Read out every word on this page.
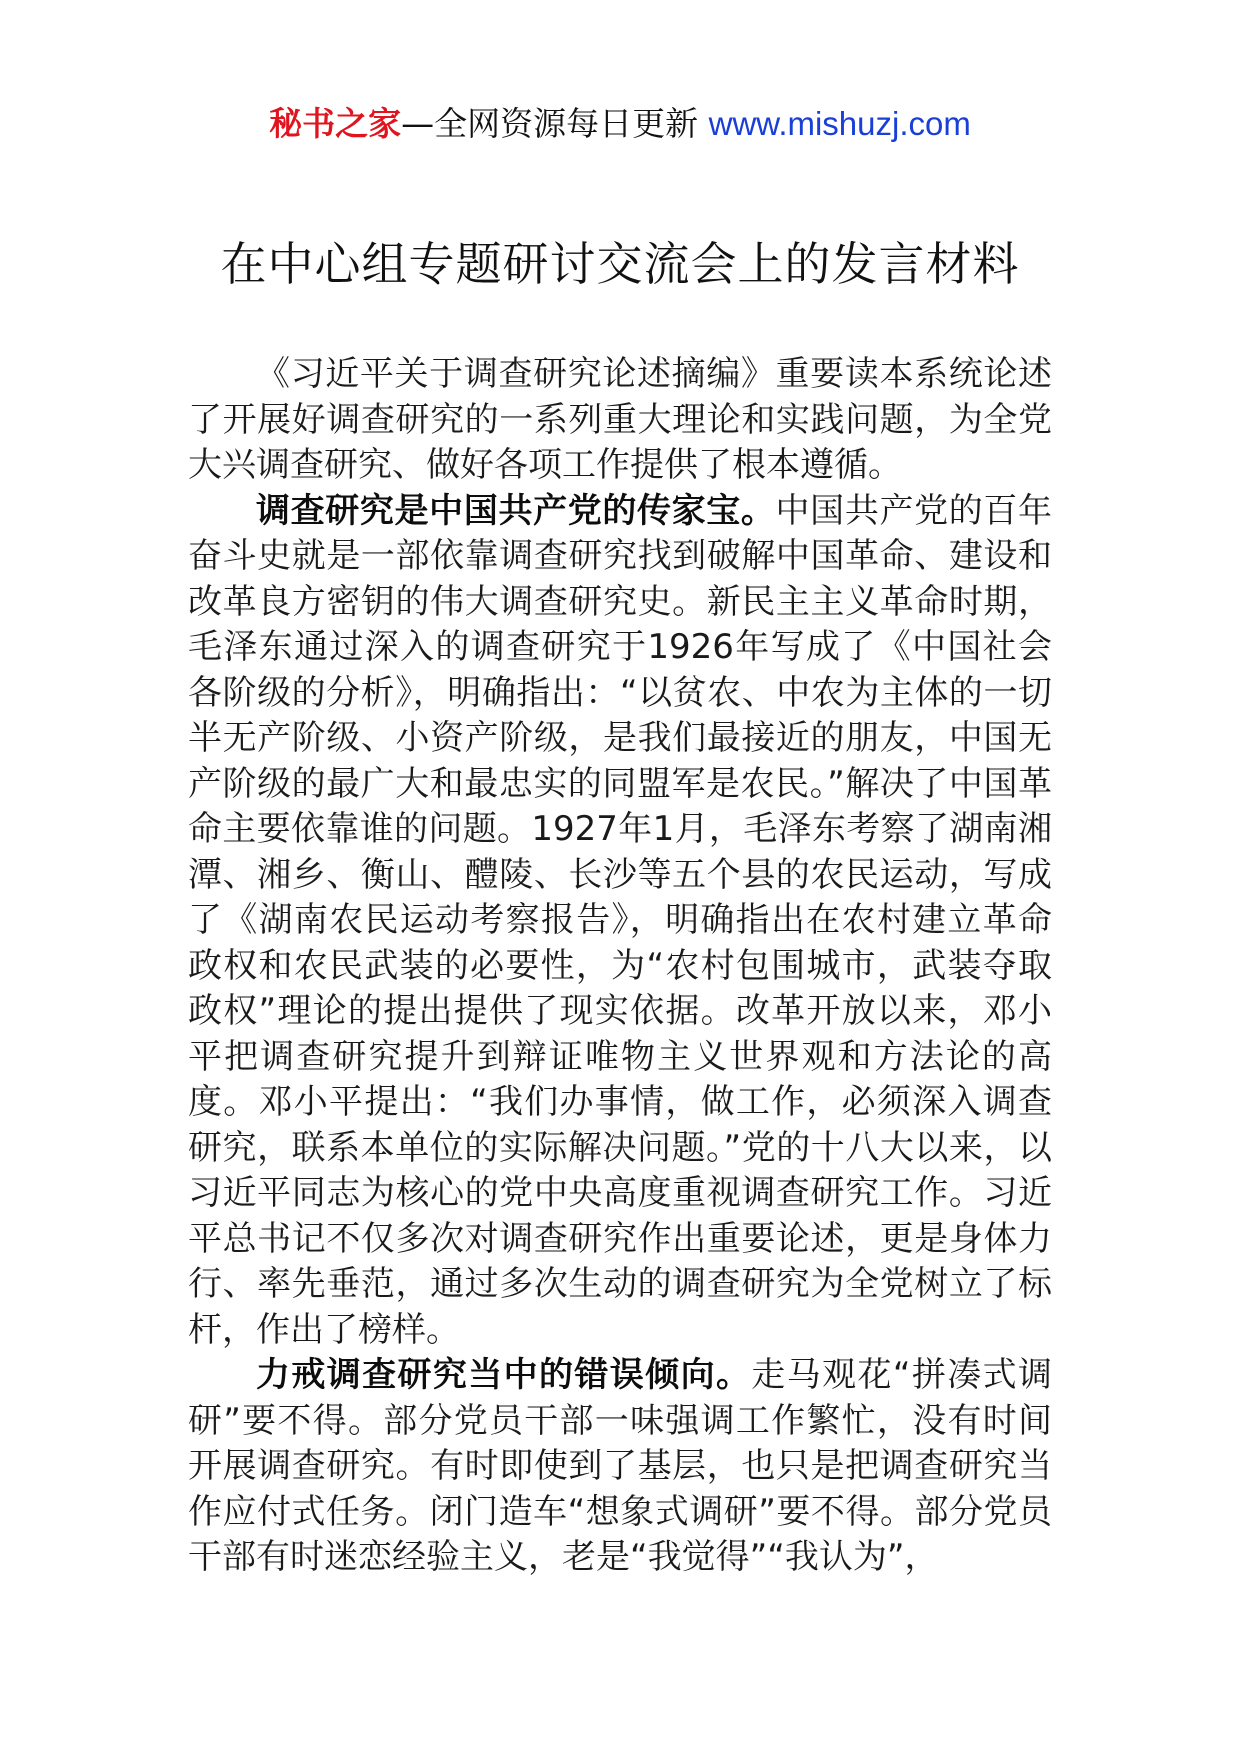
秘书之家—全网资源每日更新 www.mishuzj.com
在中心组专题研讨交流会上的发言材料

《习近平关于调查研究论述摘编》重要读本系统论述了开展好调查研究的一系列重大理论和实践问题，为全党大兴调查研究、做好各项工作提供了根本遵循。

调查研究是中国共产党的传家宝。中国共产党的百年奋斗史就是一部依靠调查研究找到破解中国革命、建设和改革良方密钥的伟大调查研究史。新民主主义革命时期，毛泽东通过深入的调查研究于1926年写成了《中国社会各阶级的分析》，明确指出：“以贫农、中农为主体的一切半无产阶级、小资产阶级，是我们最接近的朋友，中国无产阶级的最广大和最忠实的同盟军是农民。”解决了中国革命主要依靠谁的问题。1927年1月，毛泽东考察了湖南湘潭、湘乡、衡山、醴陵、长沙等五个县的农民运动，写成了《湖南农民运动考察报告》，明确指出在农村建立革命政权和农民武装的必要性，为“农村包围城市，武装夺取政权”理论的提出提供了现实依据。改革开放以来，邓小平把调查研究提升到辩证唯物主义世界观和方法论的高度。邓小平提出：“我们办事情，做工作，必须深入调查研究，联系本单位的实际解决问题。”党的十八大以来，以习近平同志为核心的党中央高度重视调查研究工作。习近平总书记不仅多次对调查研究作出重要论述，更是身体力行、率先垂范，通过多次生动的调查研究为全党树立了标杆，作出了榜样。

力戒调查研究当中的错误倾向。走马观花“拼凑式调研”要不得。部分党员干部一味强调工作繁忙，没有时间开展调查研究。有时即使到了基层，也只是把调查研究当作应付式任务。闭门造车“想象式调研”要不得。部分党员干部有时迷恋经验主义，老是“我觉得”“我认为”，
